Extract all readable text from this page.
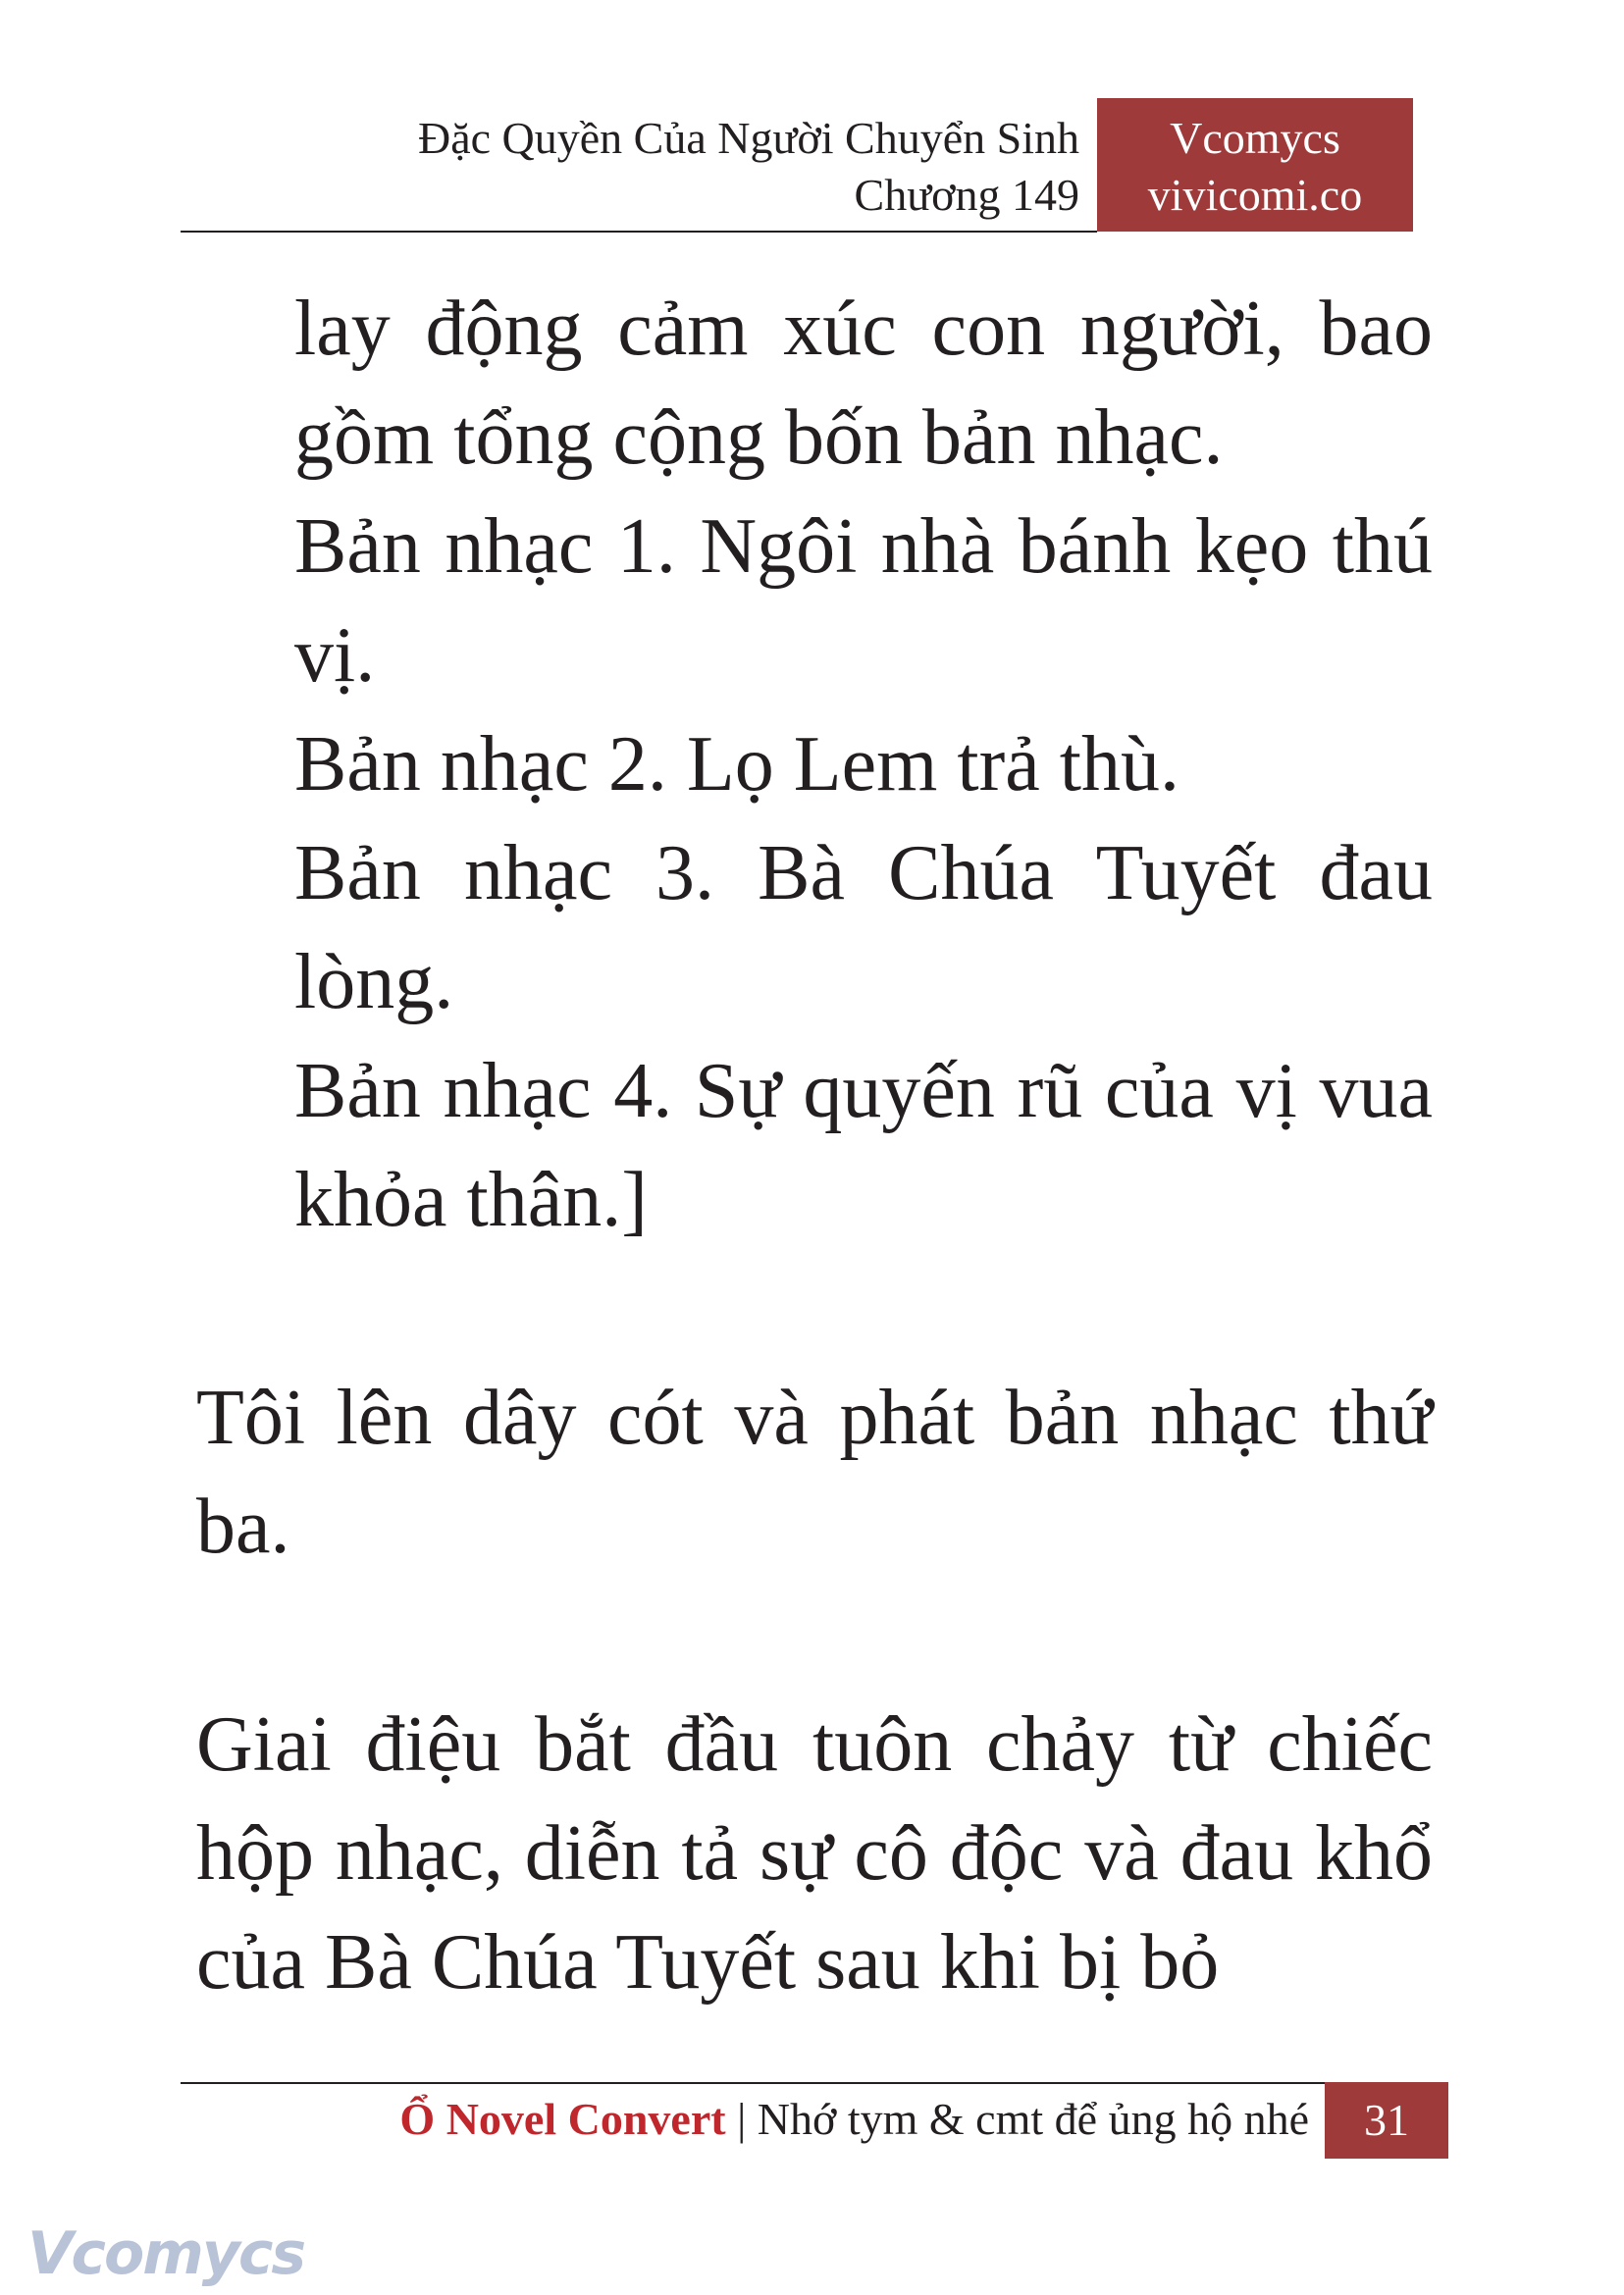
Đặc Quyền Của Người Chuyển Sinh
Chương 149
Vcomycs
vivicomi.co

lay động cảm xúc con người, bao gồm tổng cộng bốn bản nhạc.

Bản nhạc 1. Ngôi nhà bánh kẹo thú vị.

Bản nhạc 2. Lọ Lem trả thù.

Bản nhạc 3. Bà Chúa Tuyết đau lòng.

Bản nhạc 4. Sự quyến rũ của vị vua khỏa thân.]

Tôi lên dây cót và phát bản nhạc thứ ba.

Giai điệu bắt đầu tuôn chảy từ chiếc hộp nhạc, diễn tả sự cô độc và đau khổ của Bà Chúa Tuyết sau khi bị bỏ

Ổ Novel Convert | Nhớ tym & cmt để ủng hộ nhé	31
Vcomycs
